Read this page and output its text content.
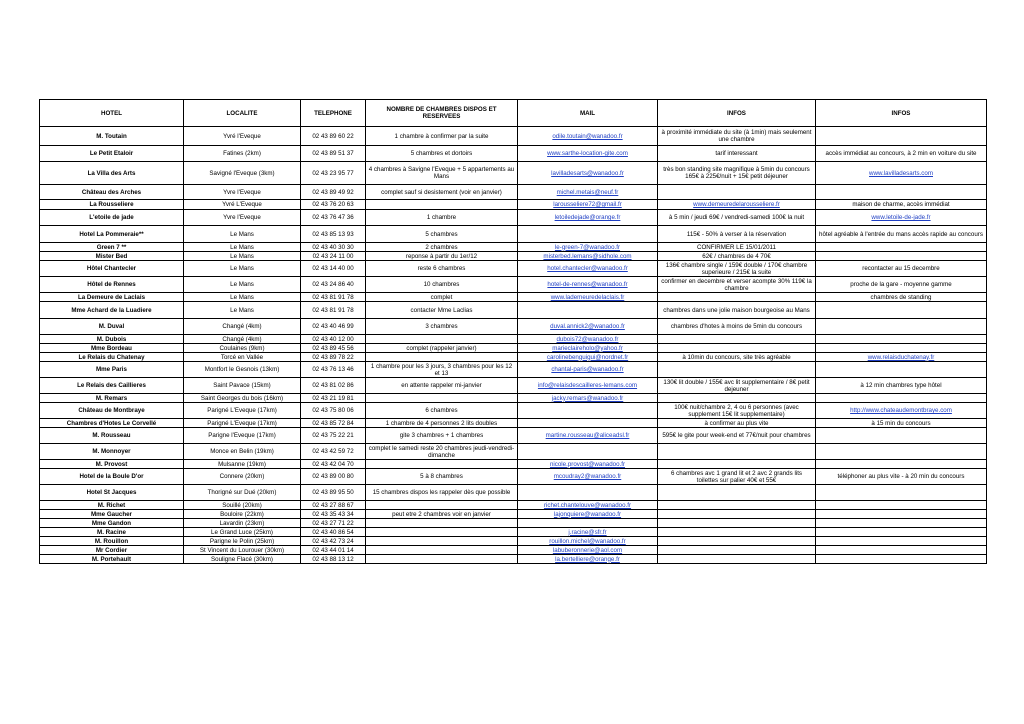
HOTEL	LOCALITE	TELEPHONE	NOMBRE DE CHAMBRES DISPOS ET RESERVEES	MAIL	INFOS	INFOS
M. Toutain	Yvré l'Eveque	02 43 89 60 22	1 chambre à confirmer par la suite	odile.toutain@wanadoo.fr	à proximité immédiate du site (à 1min) mais seulement une chambre	
Le Petit Etaloir	Fatines (2km)	02 43 89 51 37	5 chambres et dortoirs	www.sarthe-location-gite.com	tarif interessant	accès immédiat au concours, à 2 min en voiture du site
La Villa des Arts	Savigné l'Eveque (3km)	02 43 23 95 77	4 chambres à Savigne l'Eveque + 5 appartements au Mans	lavilladesarts@wanadoo.fr	très bon standing site magnifique à 5min du concours 165€ à 225€/nuit + 15€ petit déjeuner	www.lavilladesarts.com
Château des Arches	Yvre l'Eveque	02 43 89 49 92	complet sauf si desistement (voir en janvier)	michel.metais@neuf.fr		
La Rousseliere	Yvré L'Eveque	02 43 76 20 63		larousseliere72@gmail.fr	www.demeuredelarousseliere.fr	maison de charme, accès immédiat
L'etoile de jade	Yvre l'Eveque	02 43 76 47 36	1 chambre	letoiledejade@orange.fr	à 5 min / jeudi 69€ / vendredi-samedi 100€ la nuit	www.letoile-de-jade.fr
Hotel La Pommeraie**	Le Mans	02 43 85 13 93	5 chambres		115€ - 50% à verser à la réservation	hôtel agréable à l'entrée du mans accès rapide au concours
Green 7 **	Le Mans	02 43 40 30 30	2 chambres	le-green-7@wanadoo.fr	CONFIRMER LE 15/01/2011	
Mister Bed	Le Mans	02 43 24 11 00	reponse à partir du 1er/12	misterbed.lemans@sidhole.com	62€ / chambres de 4 70€	
Hôtel Chantecler	Le Mans	02 43 14 40 00	reste 6 chambres	hotel.chantecler@wanadoo.fr	136€ chambre single / 159€ double / 170€ chambre superieure / 215€ la suite	recontacter au 15 decembre
Hôtel de Rennes	Le Mans	02 43 24 86 40	10 chambres	hotel-de-rennes@wanadoo.fr	confirmer en decembre et verser acompte 30% 119€ la chambre	proche de la gare - moyenne gamme
La Demeure de Laclais	Le Mans	02 43 81 91 78	complet	www.lademeuredelaclais.fr		chambres de standing
Mme Achard de la Luadiere	Le Mans	02 43 81 91 78	contacter Mme Laclias		chambres dans une jolie maison bourgeoise au Mans	
M. Duval	Changé (4km)	02 43 40 46 99	3 chambres	duval.annick2@wanadoo.fr	chambres d'hotes à moins de 5min du concours	
M. Dubois	Changé (4km)	02 43 40 12 00		dubois72@wanadoo.fr		
Mme Bordeau	Coulaines (9km)	02 43 89 45 56	complet (rappeler janvier)	marieclaireholo@yahoo.fr		
Le Relais du Chatenay	Torcé en Vallée	02 43 89 78 22		carolinebenguigui@nordnet.fr	à 10min du concours, site très agréable	www.relaisduchatenay.fr
Mme Paris	Montfort le Gesnois (13km)	02 43 76 13 46	1 chambre pour les 3 jours, 3 chambres pour les 12 et 13	chantal-paris@wanadoo.fr		
Le Relais des Caillieres	Saint Pavace (15km)	02 43 81 02 86	en attente rappeler mi-janvier	info@relaisdescailleres-lemans.com	130€ lit double / 155€ avc lit supplementaire / 8€ petit dejeuner	à 12 min chambres type hôtel
M. Remars	Saint Georges du bois (16km)	02 43 21 19 81		jacky.remars@wanadoo.fr		
Château de Montbraye	Parigné L'Eveque (17km)	02 43 75 80 06	6 chambres		100€ nuit/chambre 2, 4 ou 6 personnes (avec supplement 15€ lit supplementaire)	http://www.chateaudemontbraye.com
Chambres d'Hotes Le Corvellé	Parigné L'Eveque (17km)	02 43 85 72 84	1 chambre de 4 personnes 2 lits doubles		à confirmer au plus vite	à 15 min du concours
M. Rousseau	Parigne l'Eveque (17km)	02 43 75 22 21	gite 3 chambres + 1 chambres	martine.rousseau@aliceadsl.fr	595€ le gite pour week-end et 77€/nuit pour chambres	
M. Monnoyer	Monce en Belin (19km)	02 43 42 59 72	complet le samedi reste 20 chambres jeudi-vendredi-dimanche			
M. Provost	Mulsanne (19km)	02 43 42 04 70		nicole.provost@wanadoo.fr		
Hotel de la Boule D'or	Connere (20km)	02 43 89 00 80	5 à 8 chambres	mcoudray2@wanadoo.fr	6 chambres avc 1 grand lit et 2 avc 2 grands lits toilettes sur palier 40€ et 55€	téléphoner au plus vite - à 20 min du concours
Hotel St Jacques	Thorigné sur Dué (20km)	02 43 89 95 50	15 chambres dispos les rappeler dès que possible			
M. Richet	Souillé (20km)	02 43 27 88 67		richet.chantelouve@wanadoo.fr		
Mme Gaucher	Bouloire (22km)	02 43 35 43 34	peut etre 2 chambres voir en janvier	lajonquiere@wanadoo.fr		
Mme Gandon	Lavardin (23km)	02 43 27 71 22				
M. Racine	Le Grand Luce (25km)	02 43 40 86 54		j.racine@sfr.fr		
M. Rouillon	Parigne le Polin (25km)	02 43 42 73 24		rouillon.michel@wanadoo.fr		
Mr Cordier	St Vincent du Lourouer (30km)	02 43 44 01 14		labuberonnerie@aol.com		
M. Portehault	Souligne Flacé (30km)	02 43 88 13 12		la.bertelliere@orange.fr		
